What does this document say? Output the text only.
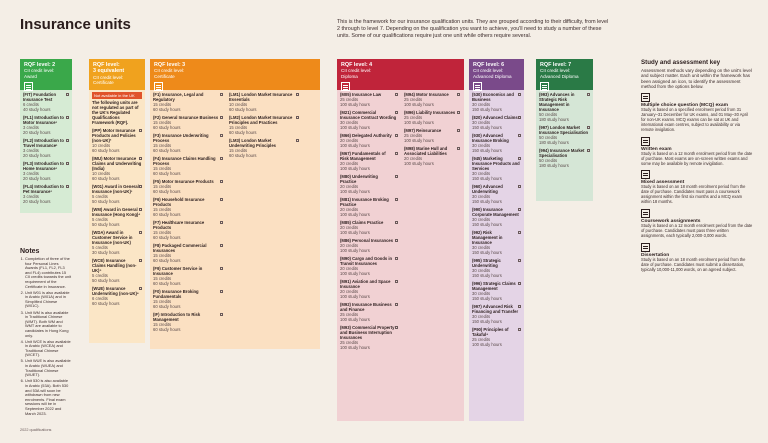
Insurance units	This is the framework for our insurance qualification units. They are grouped according to their difficulty, from level 2 through to level 7. Depending on the qualification you want to achieve, you'll need to study a number of these units. Some of our qualifications require just one unit while others require several.
RQF level: 2
CII credit level:
Award
(FIT) Foundation Insurance Test
6 credits
40 study hours
(FL1) Introduction to Motor Insurance¹
3 credits
20 study hours
(FL2) Introduction to Travel Insurance¹
3 credits
20 study hours
(FL3) Introduction to Home Insurance¹
3 credits
20 study hours
(FL4) Introduction to Pet Insurance¹
3 credits
20 study hours
RQF level:
3 equivalent
CII credit level:
Certificate
Not available in the UK
The following units are not regulated as part of the UK's Regulated Qualifications Framework (RQF).
(IPP) Motor Insurance Products and Policies (non-UK)²
10 credits
60 study hours
(IMU) Motor Insurance Claims and Underwriting (India)
10 credits
60 study hours
(W01) Award in General Insurance (non-UK)³
5 credits
50 study hours
(WM) Award in General Insurance (Hong Kong)⁴
5 credits
50 study hours
(WDA) Award in Customer Service in Insurance (non-UK)
5 credits
30 study hours
(WCE) Insurance Claims Handling (non-UK)⁵
5 credits
50 study hours
(WUE) Insurance Underwriting (non-UK)⁶
6 credits
60 study hours
RQF level: 3
CII credit level:
Certificate
(F1) Insurance, Legal and Regulatory
15 credits
60 study hours
(F2) General Insurance Business
15 credits
60 study hours
(F3) Insurance Underwriting Process
15 credits
60 study hours
(F4) Insurance Claims Handling Process
15 credits
60 study hours
(F5) Motor Insurance Products
15 credits
60 study hours
(F6) Household Insurance Products
15 credits
60 study hours
(F7) Healthcare Insurance Products
15 credits
60 study hours
(F8) Packaged Commercial Insurances
15 credits
60 study hours
(F9) Customer Service in Insurance
15 credits
60 study hours
(F0) Insurance Broking Fundamentals
15 credits
60 study hours
(IF) Introduction to Risk Management
15 credits
60 study hours
(LM1) London Market Insurance Essentials
10 credits
60 study hours
(LM2) London Market Insurance Principles and Practices
15 credits
60 study hours
(LM3) London Market Underwriting Principles
15 credits
60 study hours
RQF level: 4
CII credit level:
Diploma
(M05) Insurance Law
25 credits
100 study hours
(M21) Commercial Insurance Contract Wording
30 credits
100 study hours
(M66) Delegated Authority
20 credits
100 study hours
(M67) Fundamentals of Risk Management
20 credits
100 study hours
(M80) Underwriting Practice
20 credits
100 study hours
(M81) Insurance Broking Practice
20 credits
100 study hours
(M85) Claims Practice
20 credits
100 study hours
(M86) Personal Insurances
20 credits
100 study hours
(M90) Cargo and Goods in Transit Insurances
20 credits
100 study hours
(M91) Aviation and Space Insurance
20 credits
100 study hours
(M92) Insurance Business and Finance
25 credits
100 study hours
(M93) Commercial Property and Business Interruption Insurances
25 credits
100 study hours
(M94) Motor Insurance
25 credits
100 study hours
(M96) Liability Insurances
25 credits
100 study hours
(M97) Reinsurance
25 credits
100 study hours
(M98) Marine Hull and Associated Liabilities
20 credits
100 study hours
RQF level: 6
CII credit level:
Advanced Diploma
(530) Economics and Business
30 credits
150 study hours
(820) Advanced Claims
30 credits
150 study hours
(930) Advanced Insurance Broking
30 credits
150 study hours
(945) Marketing Insurance Products and Services
30 credits
150 study hours
(960) Advanced Underwriting
30 credits
150 study hours
(990) Insurance Corporate Management
30 credits
150 study hours
(992) Risk Management in Insurance
30 credits
150 study hours
(995) Strategic Underwriting
30 credits
150 study hours
(996) Strategic Claims Management
30 credits
150 study hours
(997) Advanced Risk Financing and Transfer
30 credits
150 study hours
(P90) Principles of Takaful⁶
25 credits
100 study hours
RQF level: 7
CII credit level:
Advanced Diploma
(993) Advances in Strategic Risk Management in Insurance
50 credits
180 study hours
(997) London Market Insurance Specialisation
50 credits
180 study hours
(994) Insurance Market Specialisation
50 credits
180 study hours
Notes
1. Completion of three of the four Personal Lines Awards (FL1, FL2, FL3 and FL4) contributes 15 CII credits towards the unit requirement of the Certificate in Insurance.
2. Unit W01 is also available in Arabic (W01A) and in Simplified Chinese (W01C).
3. Unit WM is also available in Traditional Chinese (WMT). Both WM and WMT are available to candidates in Hong Kong only.
4. Unit WCE is also available in Arabic (WCEA) and Traditional Chinese (WCET).
5. Unit WUE is also available in Arabic (WUEA) and Traditional Chinese (WUET).
6. Unit 530 is also available in Arabic (53A). Both 530 and 53A will soon be withdrawn from new enrolments. Final exam sessions will be in September 2022 and March 2023.
Study and assessment key
Assessment methods vary depending on the unit's level and subject matter. Each unit within the framework has been assigned an icon, to identify the assessment method from the options below.
Multiple choice question (MCQ) exam
Study is based on a specified enrolment period from 31 January–31 December for UK exams, and 01 May–30 April for non-UK exams. MCQ exams can be sat at UK and international exam centres, subject to availability or via remote invigilation.
Written exam
Study is based on a 12 month enrolment period from the date of purchase. Most exams are on-screen written exams and some may be available by remote invigilation.
Mixed assessment
Study is based on an 18 month enrolment period from the date of purchase. Candidates must pass a coursework assignment within the first six months and a MCQ exam within 18 months.
Coursework assignments
Study is based on a 12 month enrolment period from the date of purchase. Candidates must pass three written assignments, each typically 2,000-3,000 words.
Dissertation
Study is based on an 18 month enrolment period from the date of purchase. Candidates must submit a dissertation, typically 10,000-11,000 words, on an agreed subject.
2022 qualifications
